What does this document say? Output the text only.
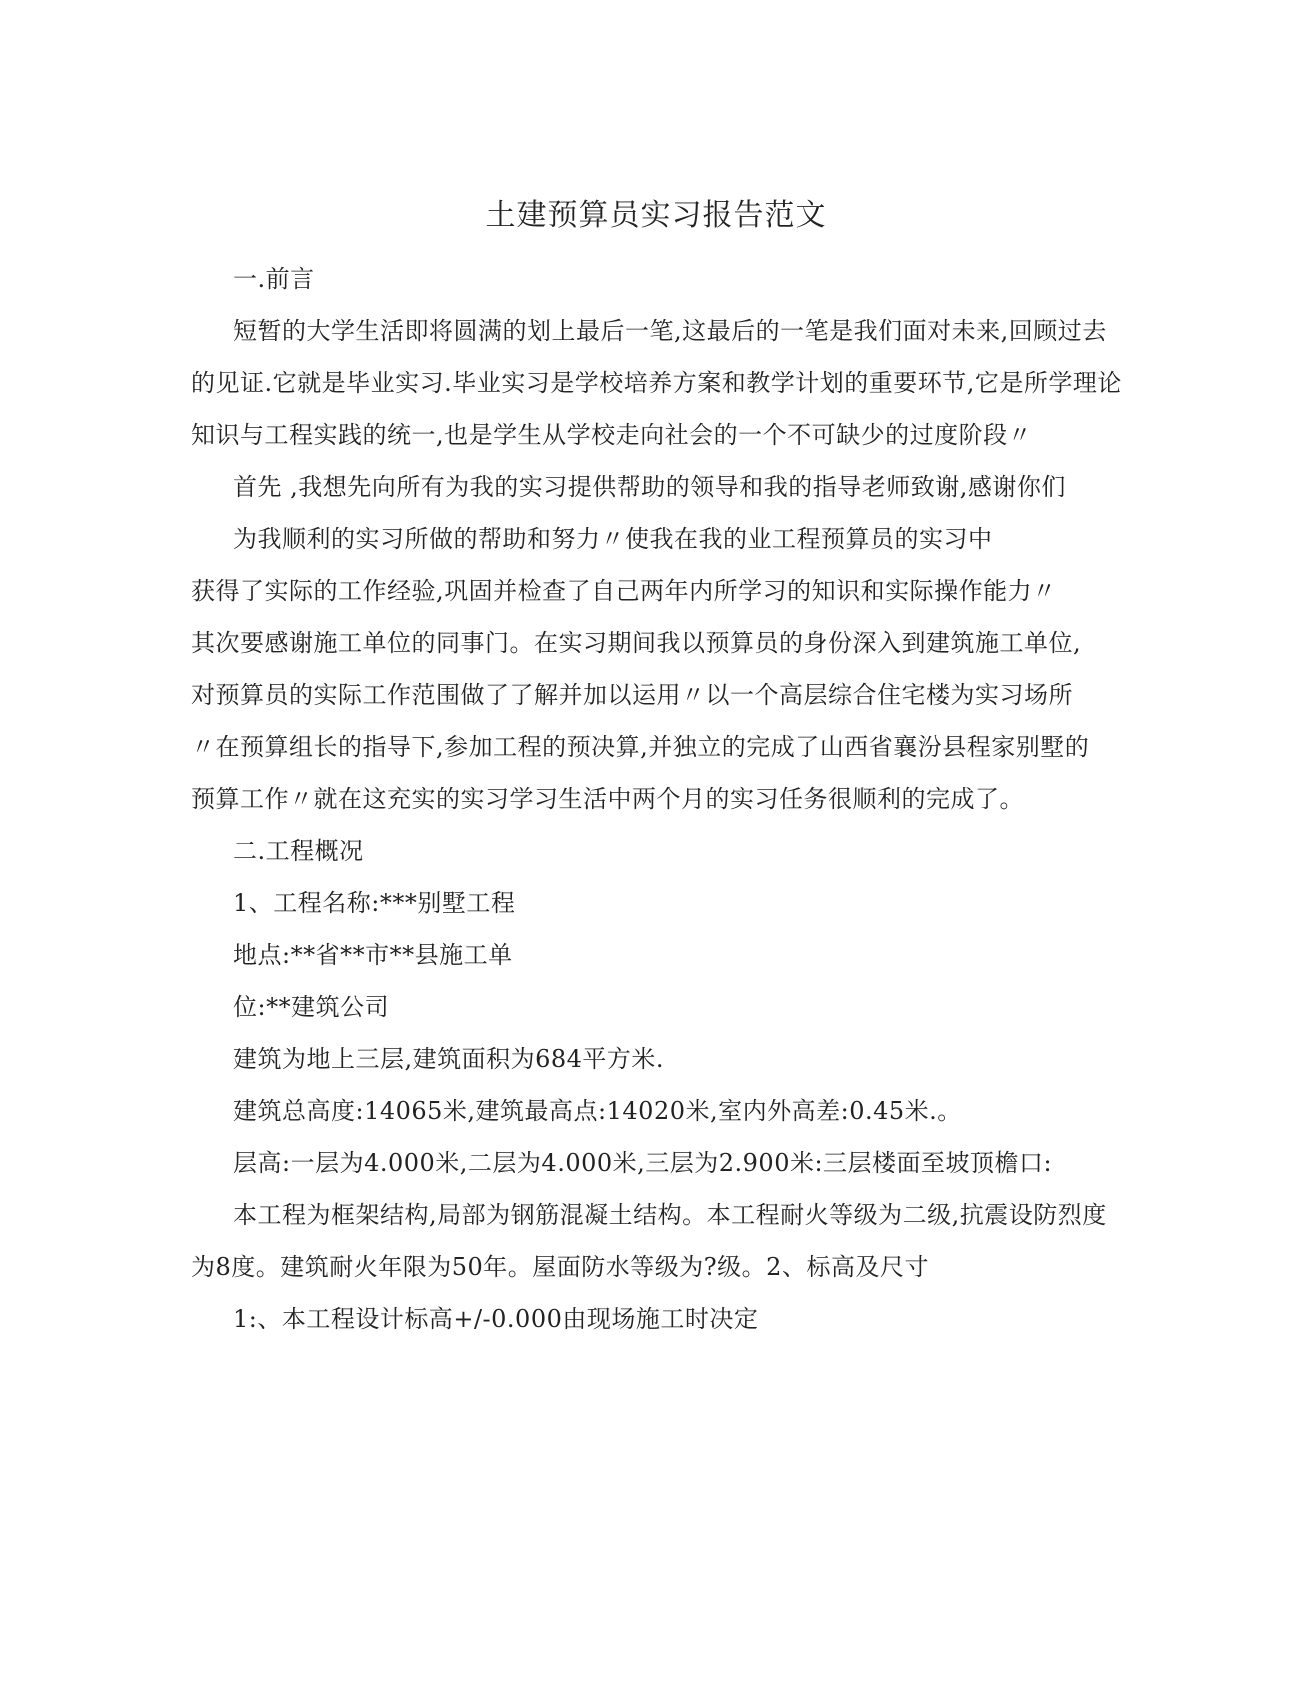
土建预算员实习报告范文
一.前言
短暂的大学生活即将圆满的划上最后一笔,这最后的一笔是我们面对未来,回顾过去
的见证.它就是毕业实习.毕业实习是学校培养方案和教学计划的重要环节,它是所学理论
知识与工程实践的统一,也是学生从学校走向社会的一个不可缺少的过度阶段〃
首先 ,我想先向所有为我的实习提供帮助的领导和我的指导老师致谢,感谢你们
为我顺利的实习所做的帮助和努力〃使我在我的业工程预算员的实习中
获得了实际的工作经验,巩固并检查了自己两年内所学习的知识和实际操作能力〃
其次要感谢施工单位的同事门。在实习期间我以预算员的身份深入到建筑施工单位,
对预算员的实际工作范围做了了解并加以运用〃以一个高层综合住宅楼为实习场所
〃在预算组长的指导下,参加工程的预决算,并独立的完成了山西省襄汾县程家别墅的
预算工作〃就在这充实的实习学习生活中两个月的实习任务很顺利的完成了。
二.工程概况
1、工程名称:***别墅工程
地点:**省**市**县施工单
位:**建筑公司
建筑为地上三层,建筑面积为684平方米.
建筑总高度:14065米,建筑最高点:14020米,室内外高差:0.45米.。
层高:一层为4.000米,二层为4.000米,三层为2.900米:三层楼面至坡顶檐口:
本工程为框架结构,局部为钢筋混凝土结构。本工程耐火等级为二级,抗震设防烈度
为8度。建筑耐火年限为50年。屋面防水等级为?级。2、标高及尺寸
1:、本工程设计标高+/-0.000由现场施工时决定
